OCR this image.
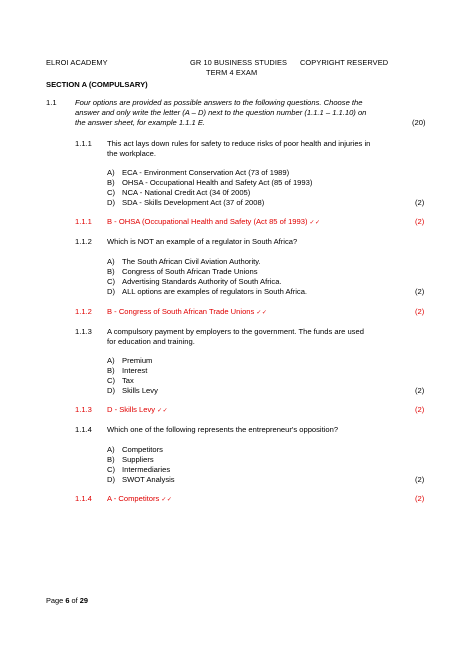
ELROI ACADEMY	GR 10 BUSINESS STUDIES COPYRIGHT RESERVED
TERM 4 EXAM
SECTION A (COMPULSARY)
1.1 Four options are provided as possible answers to the following questions. Choose the
answer and only write the letter (A – D) next to the question number (1.1.1 – 1.1.10) on
the answer sheet, for example 1.1.1 E.	(20)
1.1.1 This act lays down rules for safety to reduce risks of poor health and injuries in
the workplace.
A) ECA - Environment Conservation Act (73 of 1989)
B) OHSA - Occupational Health and Safety Act (85 of 1993)
C) NCA - National Credit Act (34 0f 2005)
D) SDA - Skills Development Act (37 of 2008)	(2)
1.1.1 B - OHSA (Occupational Health and Safety (Act 85 of 1993) ✓✓	(2)
1.1.2 Which is NOT an example of a regulator in South Africa?
A) The South African Civil Aviation Authority.
B) Congress of South African Trade Unions
C) Advertising Standards Authority of South Africa.
D) ALL options are examples of regulators in South Africa.	(2)
1.1.2 B - Congress of South African Trade Unions ✓✓	(2)
1.1.3 A compulsory payment by employers to the government. The funds are used
for education and training.
A) Premium
B) Interest
C) Tax
D) Skills Levy	(2)
1.1.3 D - Skills Levy ✓✓	(2)
1.1.4 Which one of the following represents the entrepreneur's opposition?
A) Competitors
B) Suppliers
C) Intermediaries
D) SWOT Analysis	(2)
1.1.4 A - Competitors ✓✓	(2)
Page 6 of 29
